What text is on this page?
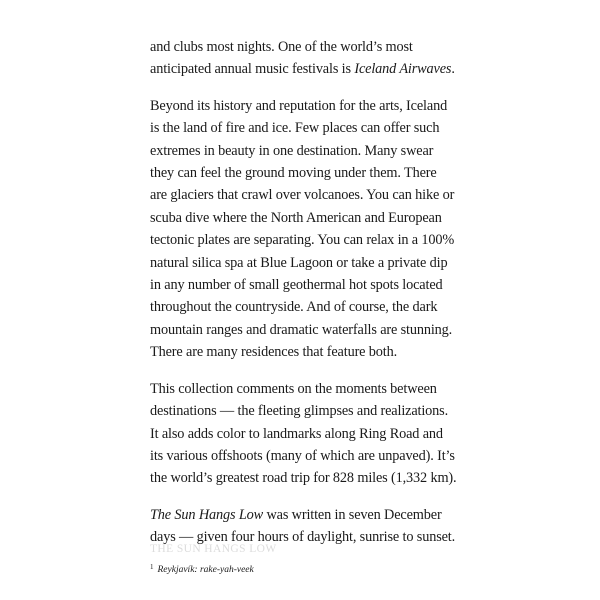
and clubs most nights. One of the world’s most
anticipated annual music festivals is Iceland Airwaves.

Beyond its history and reputation for the arts, Iceland
is the land of fire and ice. Few places can offer such
extremes in beauty in one destination. Many swear
they can feel the ground moving under them. There
are glaciers that crawl over volcanoes. You can hike or
scuba dive where the North American and European
tectonic plates are separating. You can relax in a 100%
natural silica spa at Blue Lagoon or take a private dip
in any number of small geothermal hot spots located
throughout the countryside. And of course, the dark
mountain ranges and dramatic waterfalls are stunning.
There are many residences that feature both.

This collection comments on the moments between
destinations — the fleeting glimpses and realizations.
It also adds color to landmarks along Ring Road and
its various offshoots (many of which are unpaved). It’s
the world’s greatest road trip for 828 miles (1,332 km).

The Sun Hangs Low was written in seven December
days — given four hours of daylight, sunrise to sunset.

$^1$ Reykjavík: rake-yah-veek
THE SUN HANGS LOW
